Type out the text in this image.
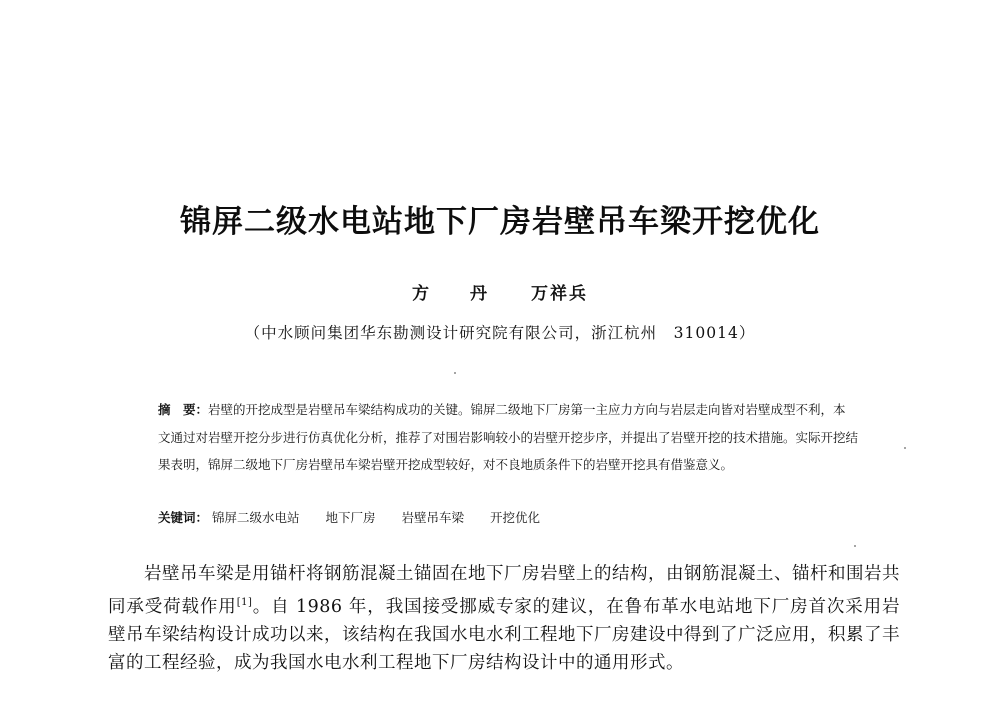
锦屏二级水电站地下厂房岩壁吊车梁开挖优化
方　丹 万祥兵
（中水顾问集团华东勘测设计研究院有限公司，浙江杭州　310014）
摘　要：岩壁的开挖成型是岩壁吊车梁结构成功的关键。锦屏二级地下厂房第一主应力方向与岩层走向皆对岩壁成型不利，本文通过对岩壁开挖分步进行仿真优化分析，推荐了对围岩影响较小的岩壁开挖步序，并提出了岩壁开挖的技术措施。实际开挖结果表明，锦屏二级地下厂房岩壁吊车梁岩壁开挖成型较好，对不良地质条件下的岩壁开挖具有借鉴意义。
关键词： 锦屏二级水电站 地下厂房 岩壁吊车梁 开挖优化
岩壁吊车梁是用锚杆将钢筋混凝土锚固在地下厂房岩壁上的结构，由钢筋混凝土、锚杆和围岩共同承受荷载作用[1]。自 1986 年，我国接受挪威专家的建议，在鲁布革水电站地下厂房首次采用岩壁吊车梁结构设计成功以来，该结构在我国水电水利工程地下厂房建设中得到了广泛应用，积累了丰富的工程经验，成为我国水电水利工程地下厂房结构设计中的通用形式。
